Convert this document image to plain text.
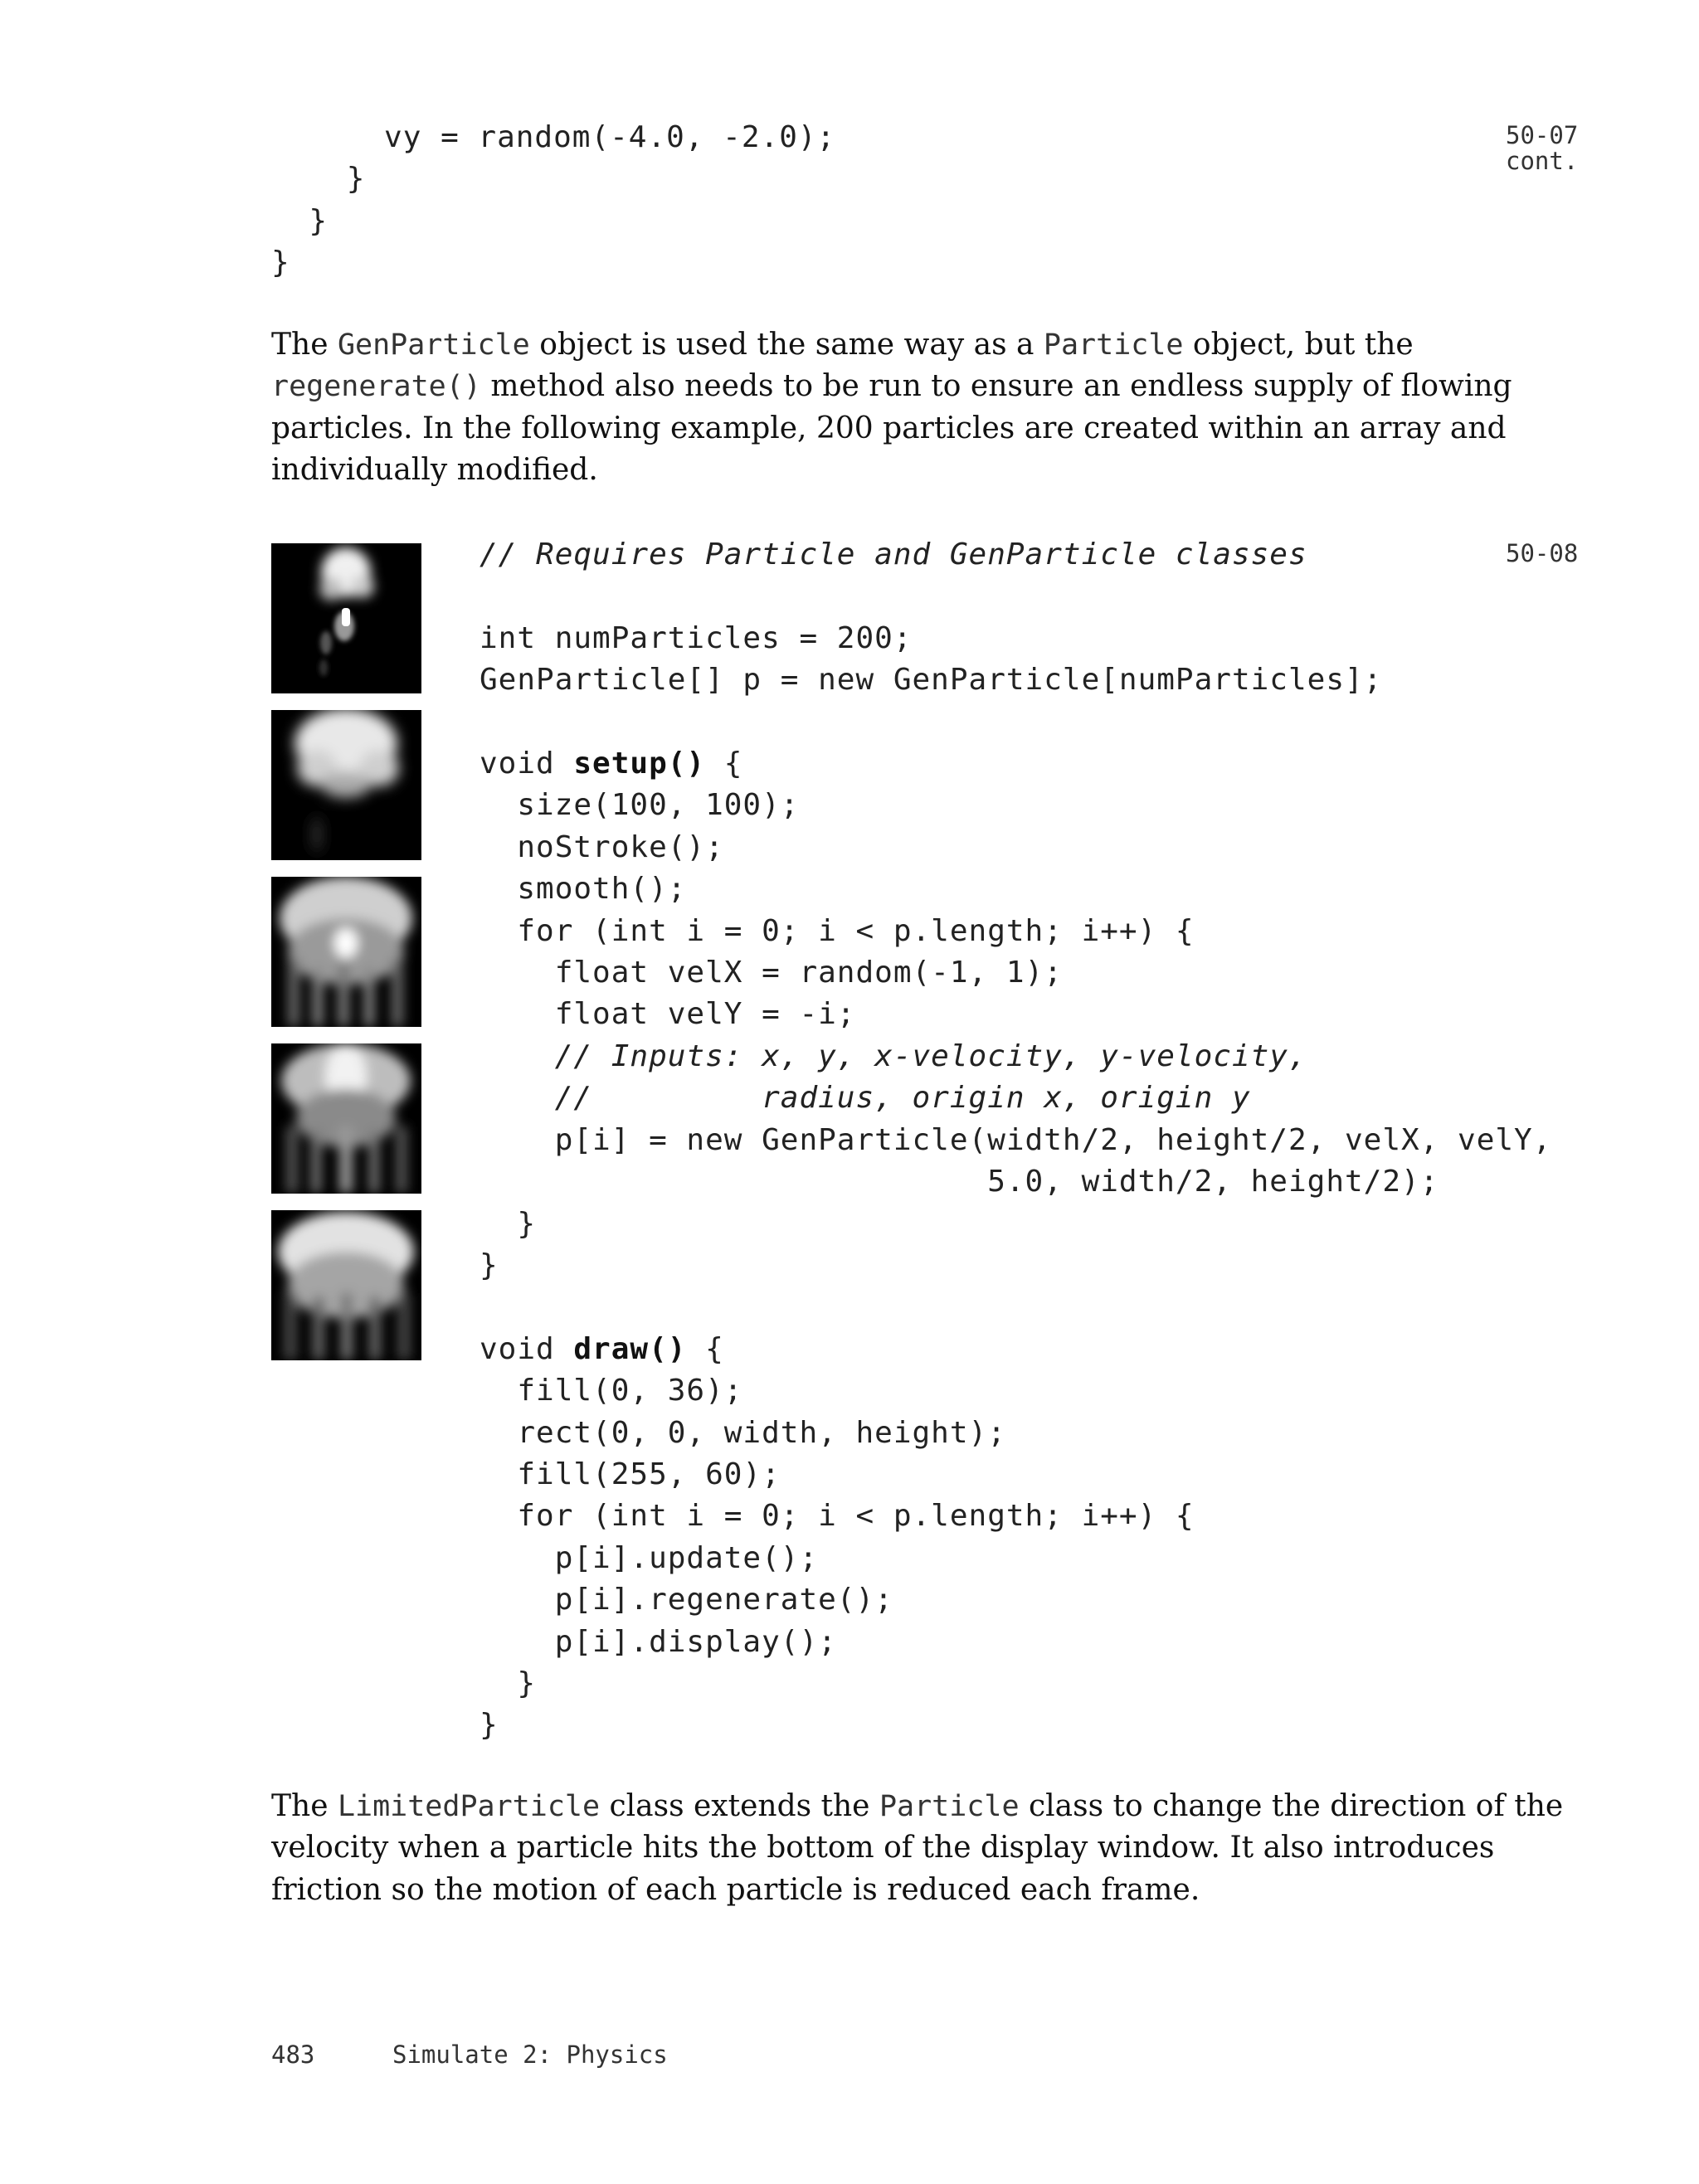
vy = random(-4.0, -2.0);
}
}
}
50-07
cont.

The GenParticle object is used the same way as a Particle object, but the regenerate() method also needs to be run to ensure an endless supply of flowing particles. In the following example, 200 particles are created within an array and individually modified.

50-08
// Requires Particle and GenParticle classes

int numParticles = 200;
GenParticle[] p = new GenParticle[numParticles];

void setup() {
size(100, 100);
noStroke();
smooth();
for (int i = 0; i < p.length; i++) {
float velX = random(-1, 1);
float velY = -i;
// Inputs: x, y, x-velocity, y-velocity,
//         radius, origin x, origin y
p[i] = new GenParticle(width/2, height/2, velX, velY,
5.0, width/2, height/2);
}
}

void draw() {
fill(0, 36);
rect(0, 0, width, height);
fill(255, 60);
for (int i = 0; i < p.length; i++) {
p[i].update();
p[i].regenerate();
p[i].display();
}
}

The LimitedParticle class extends the Particle class to change the direction of the velocity when a particle hits the bottom of the display window. It also introduces friction so the motion of each particle is reduced each frame.

483	Simulate 2: Physics
